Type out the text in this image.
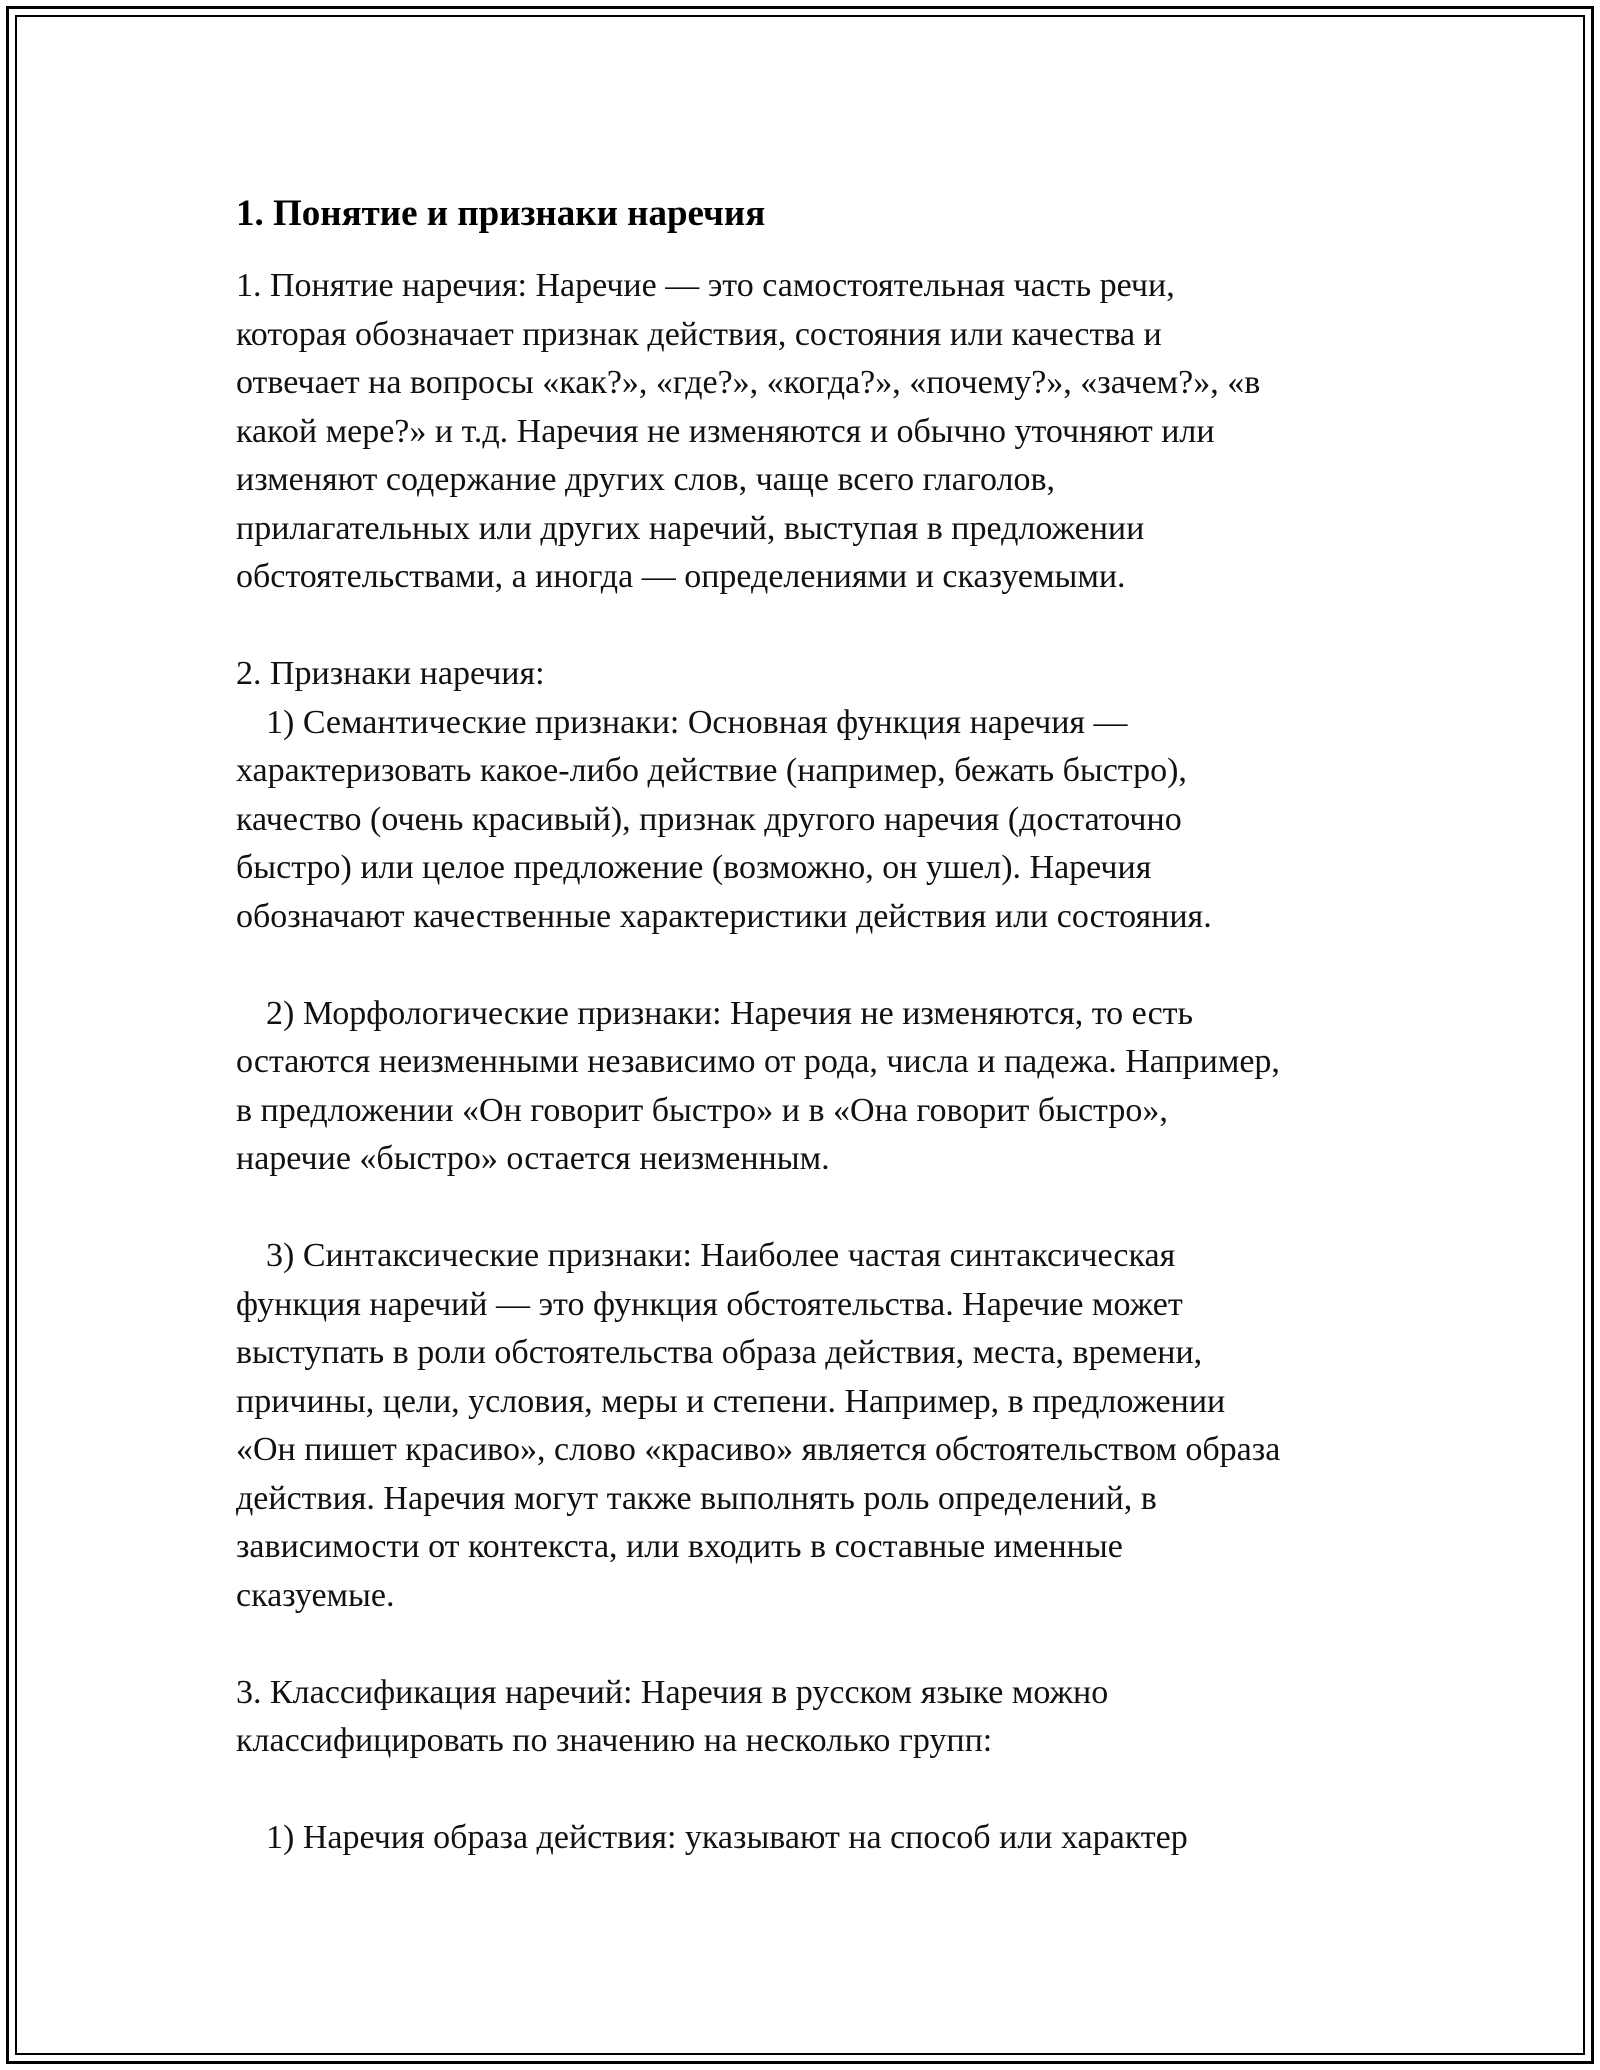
1. Понятие и признаки наречия
1. Понятие наречия: Наречие — это самостоятельная часть речи,
которая обозначает признак действия, состояния или качества и
отвечает на вопросы «как?», «где?», «когда?», «почему?», «зачем?», «в
какой мере?» и т.д. Наречия не изменяются и обычно уточняют или
изменяют содержание других слов, чаще всего глаголов,
прилагательных или других наречий, выступая в предложении
обстоятельствами, а иногда — определениями и сказуемыми.
2. Признаки наречия:
1) Семантические признаки: Основная функция наречия —
характеризовать какое-либо действие (например, бежать быстро),
качество (очень красивый), признак другого наречия (достаточно
быстро) или целое предложение (возможно, он ушел). Наречия
обозначают качественные характеристики действия или состояния.
2) Морфологические признаки: Наречия не изменяются, то есть
остаются неизменными независимо от рода, числа и падежа. Например,
в предложении «Он говорит быстро» и в «Она говорит быстро»,
наречие «быстро» остается неизменным.
3) Синтаксические признаки: Наиболее частая синтаксическая
функция наречий — это функция обстоятельства. Наречие может
выступать в роли обстоятельства образа действия, места, времени,
причины, цели, условия, меры и степени. Например, в предложении
«Он пишет красиво», слово «красиво» является обстоятельством образа
действия. Наречия могут также выполнять роль определений, в
зависимости от контекста, или входить в составные именные
сказуемые.
3. Классификация наречий: Наречия в русском языке можно
классифицировать по значению на несколько групп:
1) Наречия образа действия: указывают на способ или характер
